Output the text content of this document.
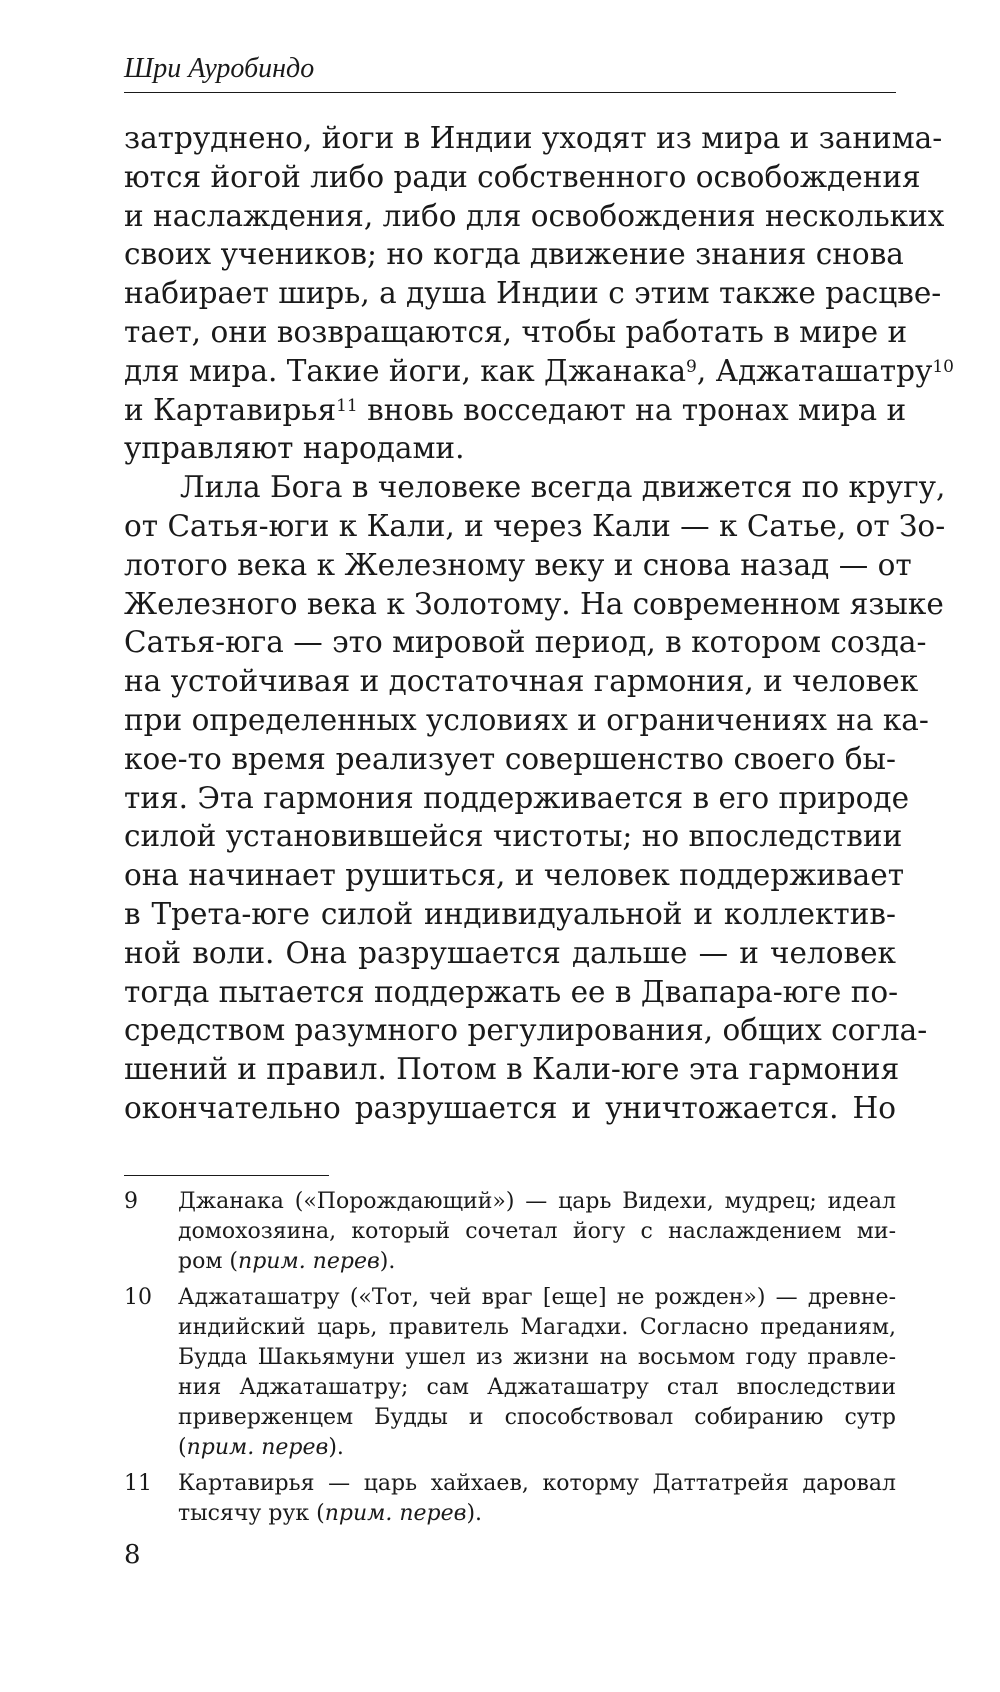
Шри Ауробиндо
затруднено, йоги в Индии уходят из мира и занима-
ются йогой либо ради собственного освобождения
и наслаждения, либо для освобождения нескольких
своих учеников; но когда движение знания снова
набирает ширь, а душа Индии с этим также расцве-
тает, они возвращаются, чтобы работать в мире и
для мира. Такие йоги, как Джанака$^9$, Аджаташатру$^{10}$
и Картавирья$^{11}$ вновь восседают на тронах мира и
управляют народами.
Лила Бога в человеке всегда движется по кругу,
от Сатья-юги к Кали, и через Кали — к Сатье, от Зо-
лотого века к Железному веку и снова назад — от
Железного века к Золотому. На современном языке
Сатья-юга — это мировой период, в котором созда-
на устойчивая и достаточная гармония, и человек
при определенных условиях и ограничениях на ка-
кое-то время реализует совершенство своего бы-
тия. Эта гармония поддерживается в его природе
силой установившейся чистоты; но впоследствии
она начинает рушиться, и человек поддерживает
в Трета-юге силой индивидуальной и коллектив-
ной воли. Она разрушается дальше — и человек
тогда пытается поддержать ее в Двапара-юге по-
средством разумного регулирования, общих согла-
шений и правил. Потом в Кали-юге эта гармония
окончательно разрушается и уничтожается. Но
9 Джанака («Порождающий») — царь Видехи, мудрец; идеал
домохозяина, который сочетал йогу с наслаждением ми-
ром (прим. перев).
10 Аджаташатру («Тот, чей враг [еще] не рожден») — древне-
индийский царь, правитель Магадхи. Согласно преданиям,
Будда Шакьямуни ушел из жизни на восьмом году правле-
ния Аджаташатру; сам Аджаташатру стал впоследствии
приверженцем Будды и способствовал собиранию сутр
(прим. перев).
11 Картавирья — царь хайхаев, которму Даттатрейя даровал
тысячу рук (прим. перев).
8
